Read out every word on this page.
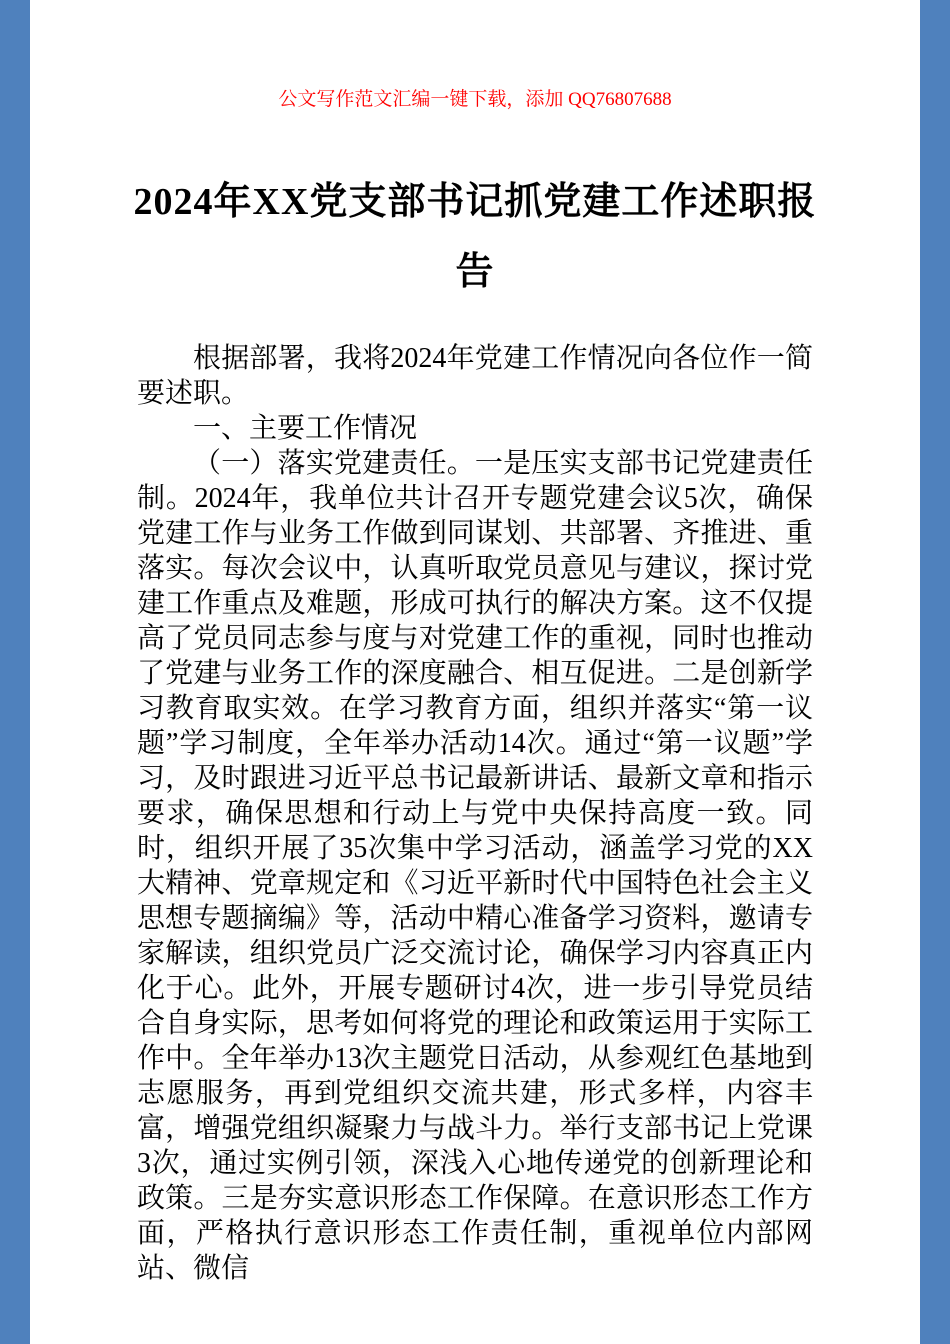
公文写作范文汇编一键下载，添加 QQ76807688
2024年XX党支部书记抓党建工作述职报告

根据部署，我将2024年党建工作情况向各位作一简要述职。

一、主要工作情况

（一）落实党建责任。一是压实支部书记党建责任制。2024年，我单位共计召开专题党建会议5次，确保党建工作与业务工作做到同谋划、共部署、齐推进、重落实。每次会议中，认真听取党员意见与建议，探讨党建工作重点及难题，形成可执行的解决方案。这不仅提高了党员同志参与度与对党建工作的重视，同时也推动了党建与业务工作的深度融合、相互促进。二是创新学习教育取实效。在学习教育方面，组织并落实“第一议题”学习制度，全年举办活动14次。通过“第一议题”学习，及时跟进习近平总书记最新讲话、最新文章和指示要求，确保思想和行动上与党中央保持高度一致。同时，组织开展了35次集中学习活动，涵盖学习党的XX大精神、党章规定和《习近平新时代中国特色社会主义思想专题摘编》等，活动中精心准备学习资料，邀请专家解读，组织党员广泛交流讨论，确保学习内容真正内化于心。此外，开展专题研讨4次，进一步引导党员结合自身实际，思考如何将党的理论和政策运用于实际工作中。全年举办13次主题党日活动，从参观红色基地到志愿服务，再到党组织交流共建，形式多样，内容丰富，增强党组织凝聚力与战斗力。举行支部书记上党课3次，通过实例引领，深浅入心地传递党的创新理论和政策。三是夯实意识形态工作保障。在意识形态工作方面，严格执行意识形态工作责任制，重视单位内部网站、微信
